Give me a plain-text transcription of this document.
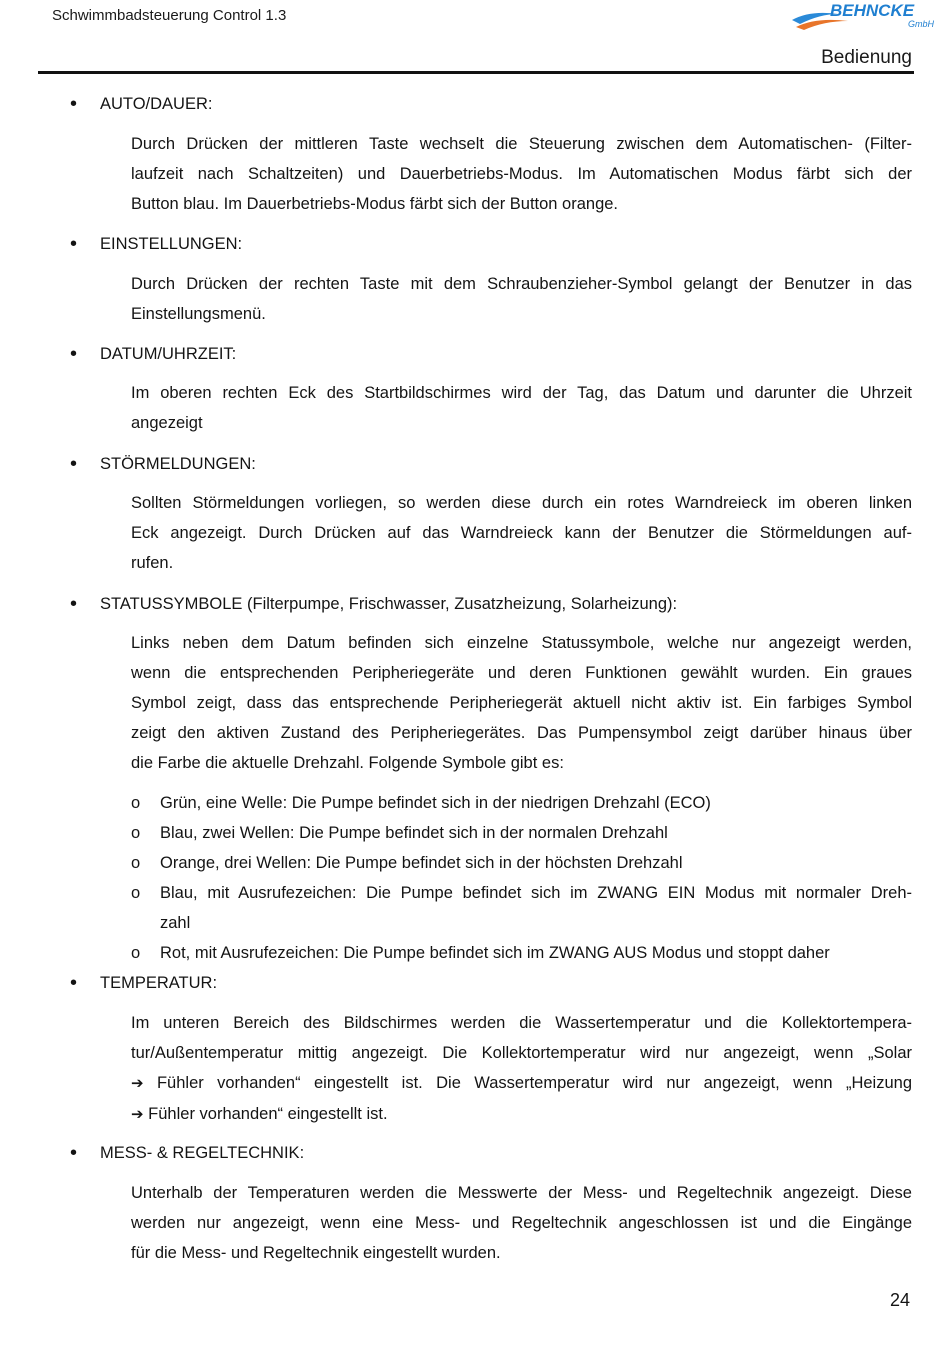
Schwimmbadsteuerung Control 1.3	BEHNCKE
GmbH
Bedienung
• AUTO/DAUER:

Durch Drücken der mittleren Taste wechselt die Steuerung zwischen dem Automatischen- (Filter-

laufzeit nach Schaltzeiten) und Dauerbetriebs-Modus. Im Automatischen Modus färbt sich der

Button blau. Im Dauerbetriebs-Modus färbt sich der Button orange.

• EINSTELLUNGEN:

Durch Drücken der rechten Taste mit dem Schraubenzieher-Symbol gelangt der Benutzer in das

Einstellungsmenü.

• DATUM/UHRZEIT:

Im oberen rechten Eck des Startbildschirmes wird der Tag, das Datum und darunter die Uhrzeit

angezeigt

• STÖRMELDUNGEN:

Sollten Störmeldungen vorliegen, so werden diese durch ein rotes Warndreieck im oberen linken

Eck angezeigt. Durch Drücken auf das Warndreieck kann der Benutzer die Störmeldungen auf-

rufen.

• STATUSSYMBOLE (Filterpumpe, Frischwasser, Zusatzheizung, Solarheizung):

Links neben dem Datum befinden sich einzelne Statussymbole, welche nur angezeigt werden,

wenn die entsprechenden Peripheriegeräte und deren Funktionen gewählt wurden. Ein graues

Symbol zeigt, dass das entsprechende Peripheriegerät aktuell nicht aktiv ist. Ein farbiges Symbol

zeigt den aktiven Zustand des Peripheriegerätes. Das Pumpensymbol zeigt darüber hinaus über

die Farbe die aktuelle Drehzahl. Folgende Symbole gibt es:

o Grün, eine Welle: Die Pumpe befindet sich in der niedrigen Drehzahl (ECO)

o Blau, zwei Wellen: Die Pumpe befindet sich in der normalen Drehzahl

o Orange, drei Wellen: Die Pumpe befindet sich in der höchsten Drehzahl

o Blau, mit Ausrufezeichen: Die Pumpe befindet sich im ZWANG EIN Modus mit normaler Dreh-

zahl

o Rot, mit Ausrufezeichen: Die Pumpe befindet sich im ZWANG AUS Modus und stoppt daher

• TEMPERATUR:

Im unteren Bereich des Bildschirmes werden die Wassertemperatur und die Kollektortempera-

tur/Außentemperatur mittig angezeigt. Die Kollektortemperatur wird nur angezeigt, wenn „Solar

➔ Fühler vorhanden“ eingestellt ist. Die Wassertemperatur wird nur angezeigt, wenn „Heizung

➔ Fühler vorhanden“ eingestellt ist.

• MESS- & REGELTECHNIK:

Unterhalb der Temperaturen werden die Messwerte der Mess- und Regeltechnik angezeigt. Diese

werden nur angezeigt, wenn eine Mess- und Regeltechnik angeschlossen ist und die Eingänge

für die Mess- und Regeltechnik eingestellt wurden.

24
